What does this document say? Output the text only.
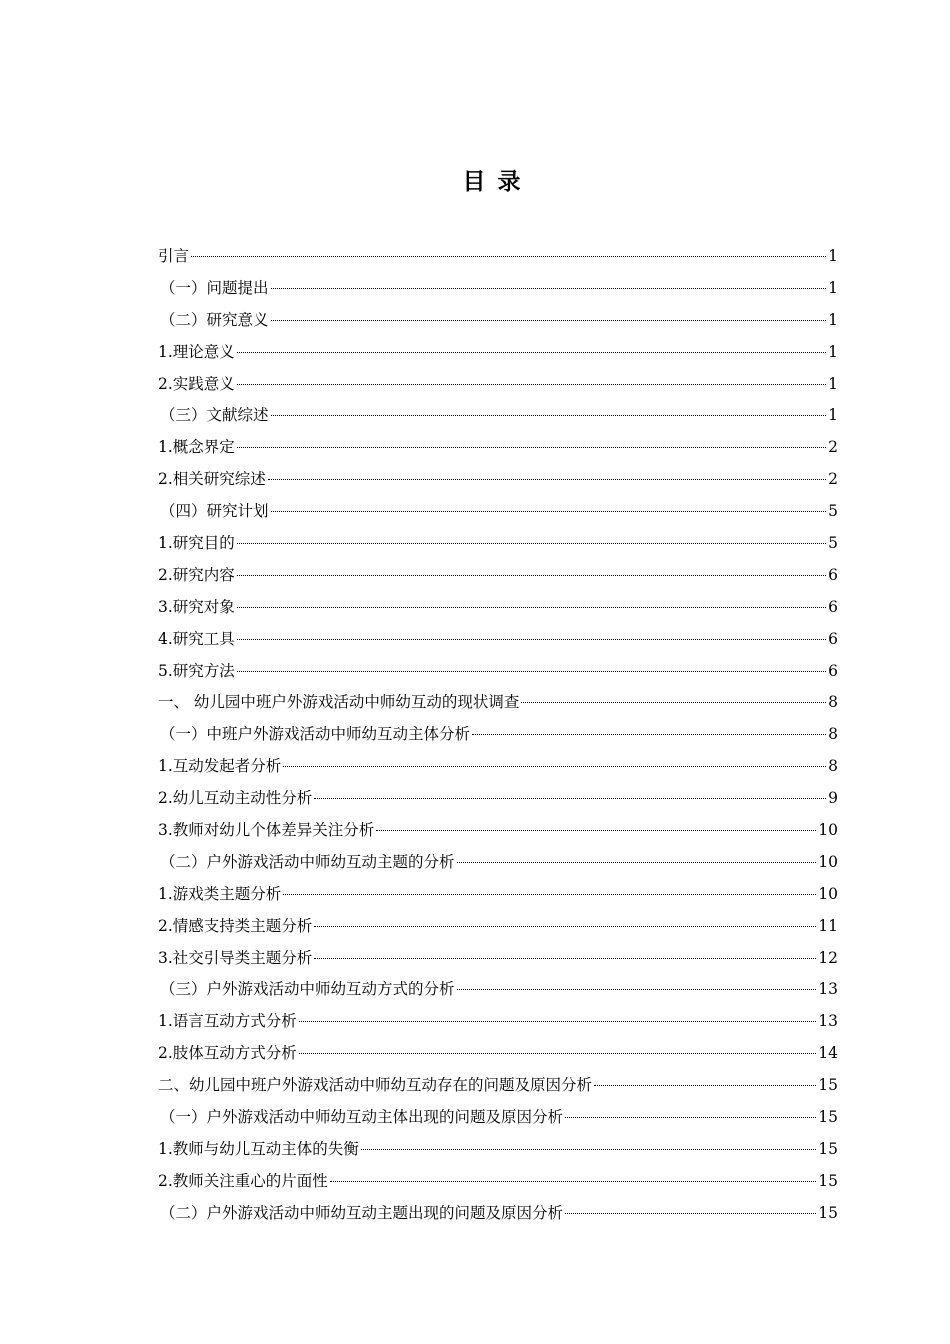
目 录
引言	1
（一）问题提出	1
（二）研究意义	1
1.理论意义	1
2.实践意义	1
（三）文献综述	1
1.概念界定	2
2.相关研究综述	2
（四）研究计划	5
1.研究目的	5
2.研究内容	6
3.研究对象	6
4.研究工具	6
5.研究方法	6
一、 幼儿园中班户外游戏活动中师幼互动的现状调查	8
（一）中班户外游戏活动中师幼互动主体分析	8
1.互动发起者分析	8
2.幼儿互动主动性分析	9
3.教师对幼儿个体差异关注分析	10
（二）户外游戏活动中师幼互动主题的分析	10
1.游戏类主题分析	10
2.情感支持类主题分析	11
3.社交引导类主题分析	12
（三）户外游戏活动中师幼互动方式的分析	13
1.语言互动方式分析	13
2.肢体互动方式分析	14
二、幼儿园中班户外游戏活动中师幼互动存在的问题及原因分析	15
（一）户外游戏活动中师幼互动主体出现的问题及原因分析	15
1.教师与幼儿互动主体的失衡	15
2.教师关注重心的片面性	15
（二）户外游戏活动中师幼互动主题出现的问题及原因分析	15
